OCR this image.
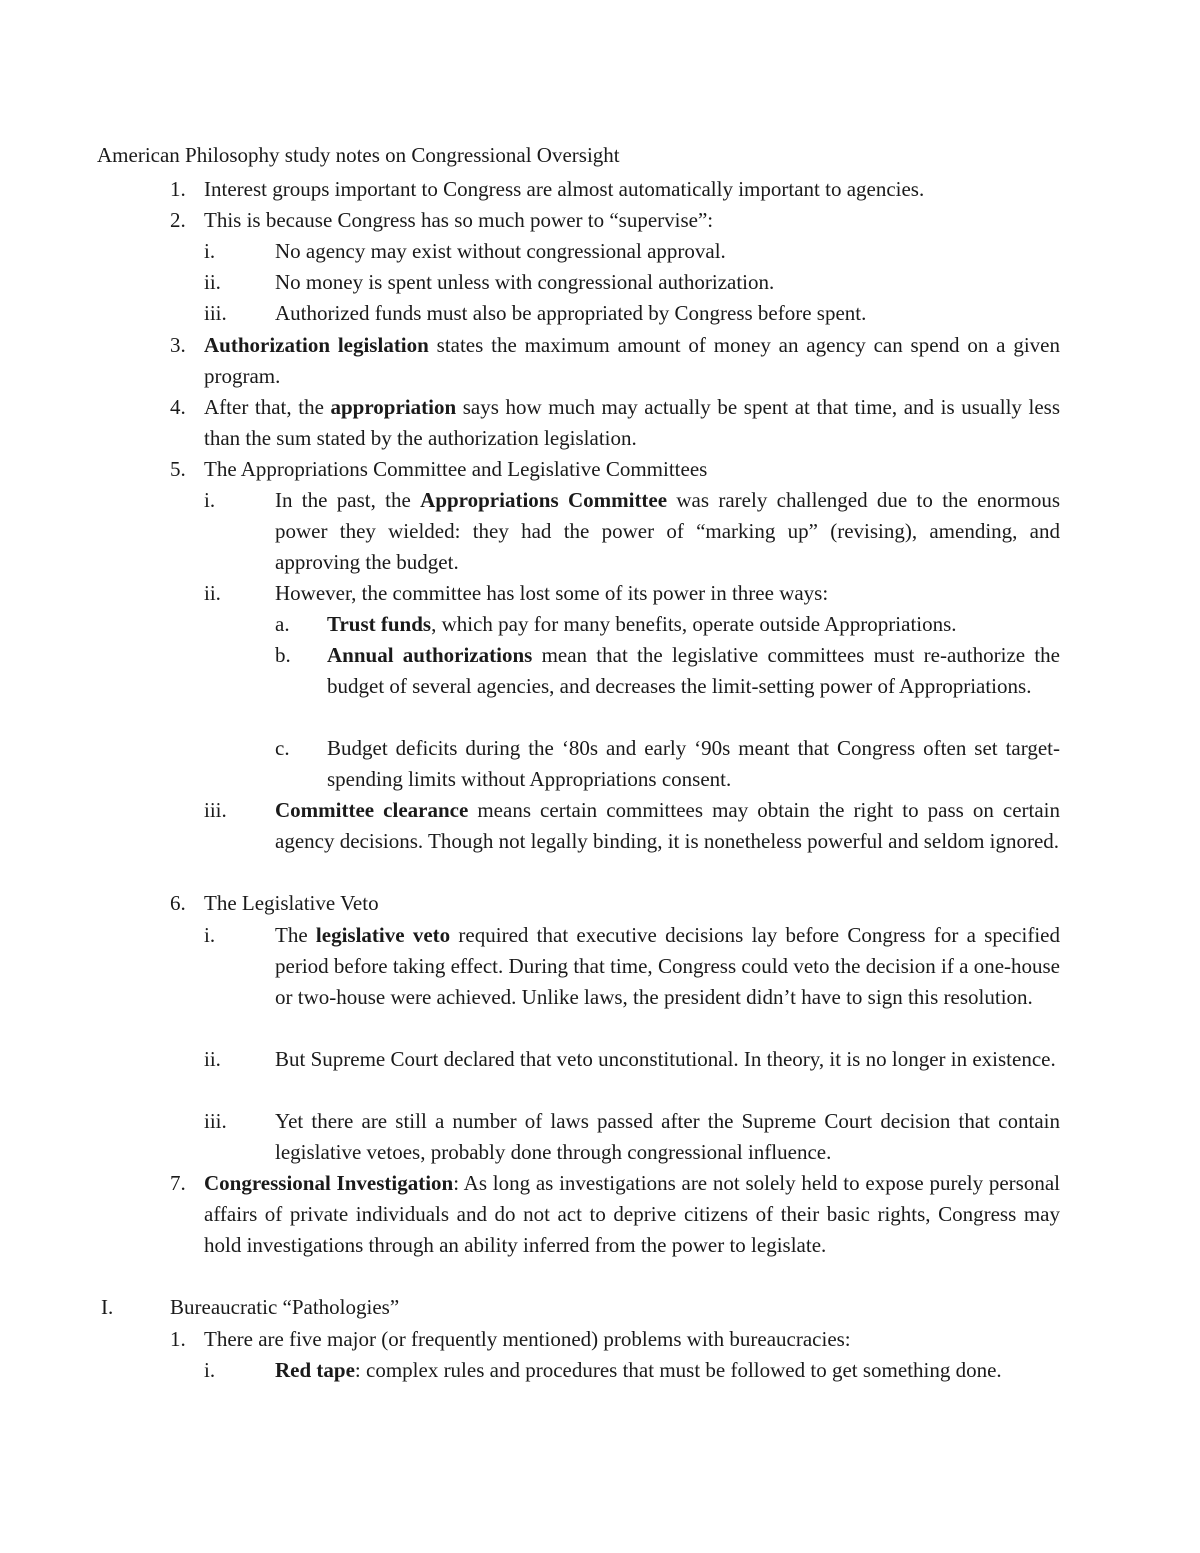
American Philosophy study notes on Congressional Oversight
1. Interest groups important to Congress are almost automatically important to agencies.
2. This is because Congress has so much power to “supervise”:
i.	No agency may exist without congressional approval.
ii.	No money is spent unless with congressional authorization.
iii. Authorized funds must also be appropriated by Congress before spent.
3. Authorization legislation states the maximum amount of money an agency can spend on a given program.
4. After that, the appropriation says how much may actually be spent at that time, and is usually less than the sum stated by the authorization legislation.
5. The Appropriations Committee and Legislative Committees
i.	In the past, the Appropriations Committee was rarely challenged due to the enormous power they wielded: they had the power of “marking up” (revising), amending, and approving the budget.
ii.	However, the committee has lost some of its power in three ways:
a. Trust funds, which pay for many benefits, operate outside Appropriations.
b. Annual authorizations mean that the legislative committees must re-authorize the budget of several agencies, and decreases the limit-setting power of Appropriations.
c. Budget deficits during the ‘80s and early ‘90s meant that Congress often set target-spending limits without Appropriations consent.
iii. Committee clearance means certain committees may obtain the right to pass on certain agency decisions. Though not legally binding, it is nonetheless powerful and seldom ignored.
6. The Legislative Veto
i.	The legislative veto required that executive decisions lay before Congress for a specified period before taking effect. During that time, Congress could veto the decision if a one-house or two-house were achieved. Unlike laws, the president didn’t have to sign this resolution.
ii.	But Supreme Court declared that veto unconstitutional. In theory, it is no longer in existence.
iii. Yet there are still a number of laws passed after the Supreme Court decision that contain legislative vetoes, probably done through congressional influence.
7. Congressional Investigation: As long as investigations are not solely held to expose purely personal affairs of private individuals and do not act to deprive citizens of their basic rights, Congress may hold investigations through an ability inferred from the power to legislate.
I.	Bureaucratic “Pathologies”
1. There are five major (or frequently mentioned) problems with bureaucracies:
i.	Red tape: complex rules and procedures that must be followed to get something done.
